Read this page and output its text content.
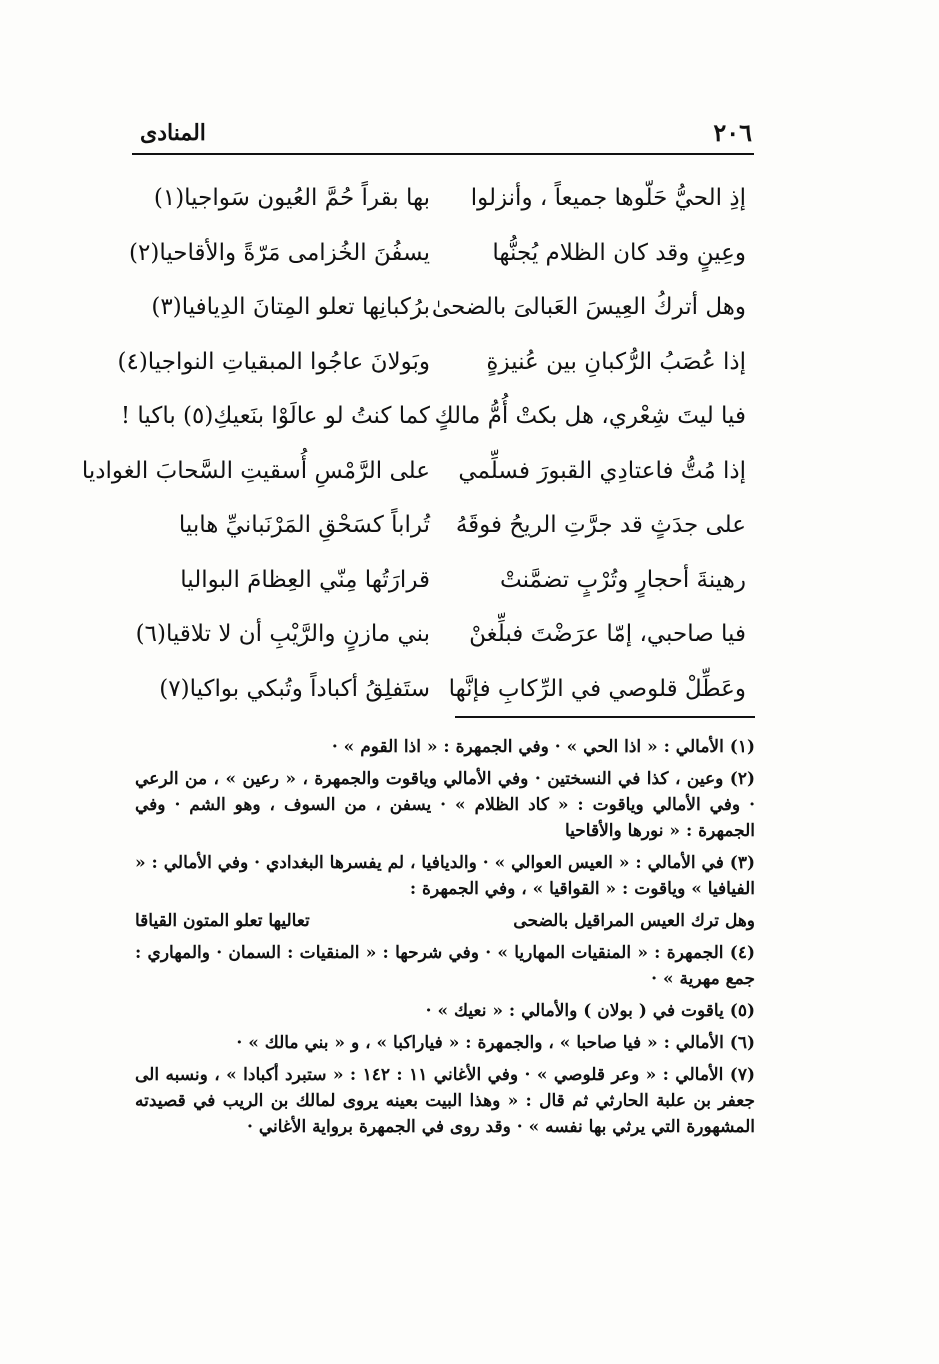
٢٠٦
المنادى
إذِ الحيُّ حَلّوها جميعاً ، وأنزلوا
بها بقراً حُمَّ العُيون سَواجيا(١)
وعِينٍ وقد كان الظلام يُجنُّها
يسفُنَ الخُزامى مَرّةً والأقاحيا(٢)
وهل أتركُ العِيسَ العَبالىَ بالضحىٰ
برُكبانِها تعلو المِتانَ الدِيافيا(٣)
إذا عُصَبُ الرُّكبانِ بين عُنيزةٍ
وبَولانَ عاجُوا المبقياتِ النواجيا(٤)
فيا ليتَ شِعْري، هل بكتْ أُمُّ مالكٍ
كما كنتُ لو عالَوْا بنَعيكِ(٥) باكيا !
إذا مُتُّ فاعتادِي القبورَ فسلِّمي
على الرَّمْسِ أُسقيتِ السَّحابَ الغواديا
على جدَثٍ قد جرَّتِ الريحُ فوقَهُ
تُراباً كسَحْقِ المَرْنَبانيِّ هابيا
رهينةَ أحجارٍ وتُرْبٍ تضمَّنتْ
قرارَتُها مِنّي العِظامَ البواليا
فيا صاحبي، إمّا عرَضْتَ فبلِّغنْ
بني مازنٍ والرَّيْبِ أن لا تلاقيا(٦)
وعَطِّلْ قلوصي في الرِّكابِ فإنَّها
ستَفلِقُ أكباداً وتُبكي بواكيا(٧)

(١) الأمالي : « اذا الحي » · وفي الجمهرة : « اذا القوم » ·

(٢) وعين ، كذا في النسختين · وفي الأمالي وياقوت والجمهرة ، « رعين » ، من الرعي · وفي الأمالي وياقوت : « كاد الظلام » · يسفن ، من السوف ، وهو الشم · وفي الجمهرة : « نورها والأقاحيا

(٣) في الأمالي : « العيس العوالي » · والديافيا ، لم يفسرها البغدادي · وفي الأمالي : « الفيافيا » وياقوت : « القواقيا » ، وفي الجمهرة :

وهل ترك العيس المراقيل بالضحى
تعاليها تعلو المتون القياقا

(٤) الجمهرة : « المنقيات المهاريا » · وفي شرحها : « المنقيات : السمان · والمهاري : جمع مهرية » ·

(٥) ياقوت في ( بولان ) والأمالي : « نعيك » ·

(٦) الأمالي : « فيا صاحبا » ، والجمهرة : « فياراكبا » ، و « بني مالك » ·

(٧) الأمالي : « وعر قلوصي » · وفي الأغاني ١١ : ١٤٢ : « ستبرد أكبادا » ، ونسبه الى جعفر بن علبة الحارثي ثم قال : « وهذا البيت بعينه يروى لمالك بن الريب في قصيدته المشهورة التي يرثي بها نفسه » · وقد روى في الجمهرة برواية الأغاني ·
